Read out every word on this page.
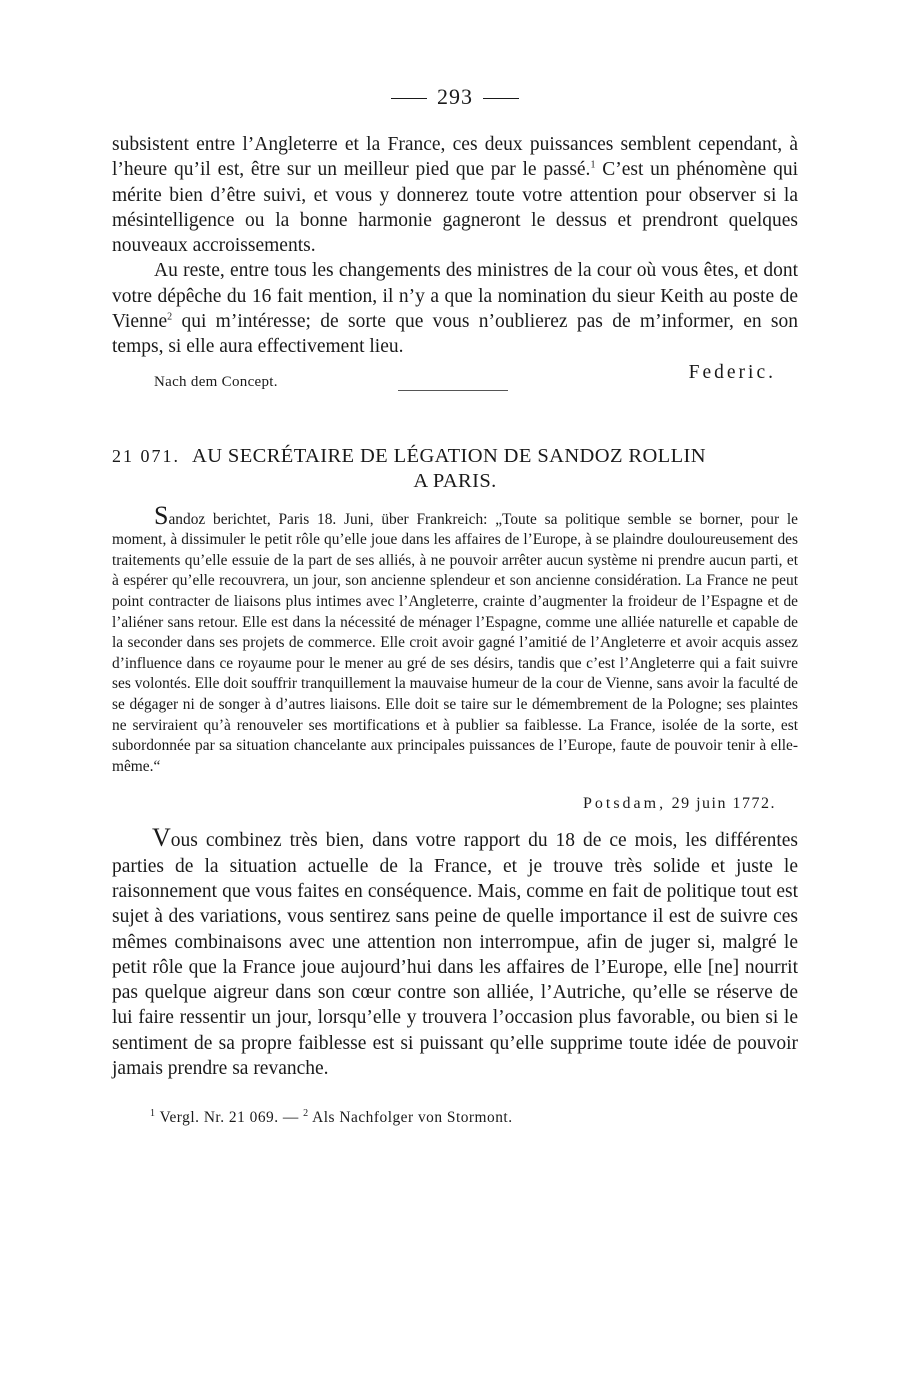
293

subsistent entre l’Angleterre et la France, ces deux puissances semblent cependant, à l’heure qu’il est, être sur un meilleur pied que par le passé.$^1$ C’est un phénomène qui mérite bien d’être suivi, et vous y donnerez toute votre attention pour observer si la mésintelligence ou la bonne harmonie gagneront le dessus et prendront quelques nouveaux accroissements.

Au reste, entre tous les changements des ministres de la cour où vous êtes, et dont votre dépêche du 16 fait mention, il n’y a que la nomination du sieur Keith au poste de Vienne$^2$ qui m’intéresse; de sorte que vous n’oublierez pas de m’informer, en son temps, si elle aura effectivement lieu.

Nach dem Concept.	Federic.
21 071. AU SECRÉTAIRE DE LÉGATION DE SANDOZ ROLLIN
A PARIS.

Sandoz berichtet, Paris 18. Juni, über Frankreich: „Toute sa politique semble se borner, pour le moment, à dissimuler le petit rôle qu’elle joue dans les affaires de l’Europe, à se plaindre douloureusement des traitements qu’elle essuie de la part de ses alliés, à ne pouvoir arrêter aucun système ni prendre aucun parti, et à espérer qu’elle recouvrera, un jour, son ancienne splendeur et son ancienne considération. La France ne peut point contracter de liaisons plus intimes avec l’Angleterre, crainte d’augmenter la froideur de l’Espagne et de l’aliéner sans retour. Elle est dans la nécessité de ménager l’Espagne, comme une alliée naturelle et capable de la seconder dans ses projets de commerce. Elle croit avoir gagné l’amitié de l’Angleterre et avoir acquis assez d’influence dans ce royaume pour le mener au gré de ses désirs, tandis que c’est l’Angleterre qui a fait suivre ses volontés. Elle doit souffrir tranquillement la mauvaise humeur de la cour de Vienne, sans avoir la faculté de se dégager ni de songer à d’autres liaisons. Elle doit se taire sur le démembrement de la Pologne; ses plaintes ne serviraient qu’à renouveler ses mortifications et à publier sa faiblesse. La France, isolée de la sorte, est subordonnée par sa situation chancelante aux principales puissances de l’Europe, faute de pouvoir tenir à elle-même.“

Potsdam, 29 juin 1772.

Vous combinez très bien, dans votre rapport du 18 de ce mois, les différentes parties de la situation actuelle de la France, et je trouve très solide et juste le raisonnement que vous faites en conséquence. Mais, comme en fait de politique tout est sujet à des variations, vous sentirez sans peine de quelle importance il est de suivre ces mêmes combinaisons avec une attention non interrompue, afin de juger si, malgré le petit rôle que la France joue aujourd’hui dans les affaires de l’Europe, elle [ne] nourrit pas quelque aigreur dans son cœur contre son alliée, l’Autriche, qu’elle se réserve de lui faire ressentir un jour, lorsqu’elle y trouvera l’occasion plus favorable, ou bien si le sentiment de sa propre faiblesse est si puissant qu’elle supprime toute idée de pouvoir jamais prendre sa revanche.

$^1$ Vergl. Nr. 21 069. — $^2$ Als Nachfolger von Stormont.
